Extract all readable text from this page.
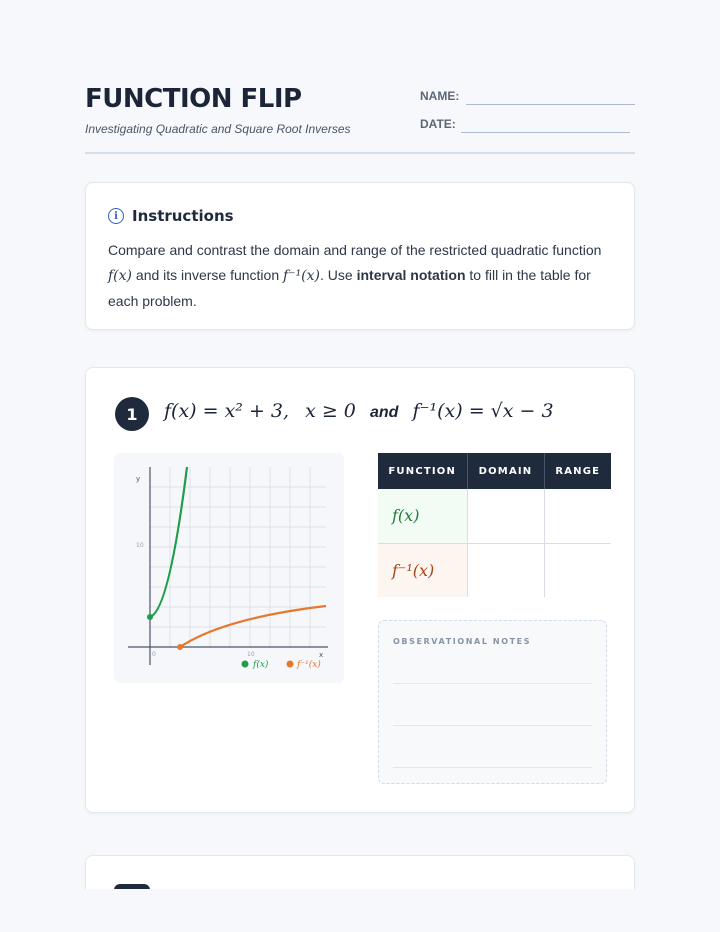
FUNCTION FLIP
Investigating Quadratic and Square Root Inverses
NAME:
DATE:
i Instructions
Compare and contrast the domain and range of the restricted quadratic function f(x) and its inverse function f⁻¹(x). Use interval notation to fill in the table for each problem.
1	f(x) = x² + 3, x ≥ 0 and f⁻¹(x) = √x − 3
y
x
10
0	10
f(x)	f⁻¹(x)
FUNCTION	DOMAIN	RANGE
f(x)		
f⁻¹(x)		
OBSERVATIONAL NOTES
